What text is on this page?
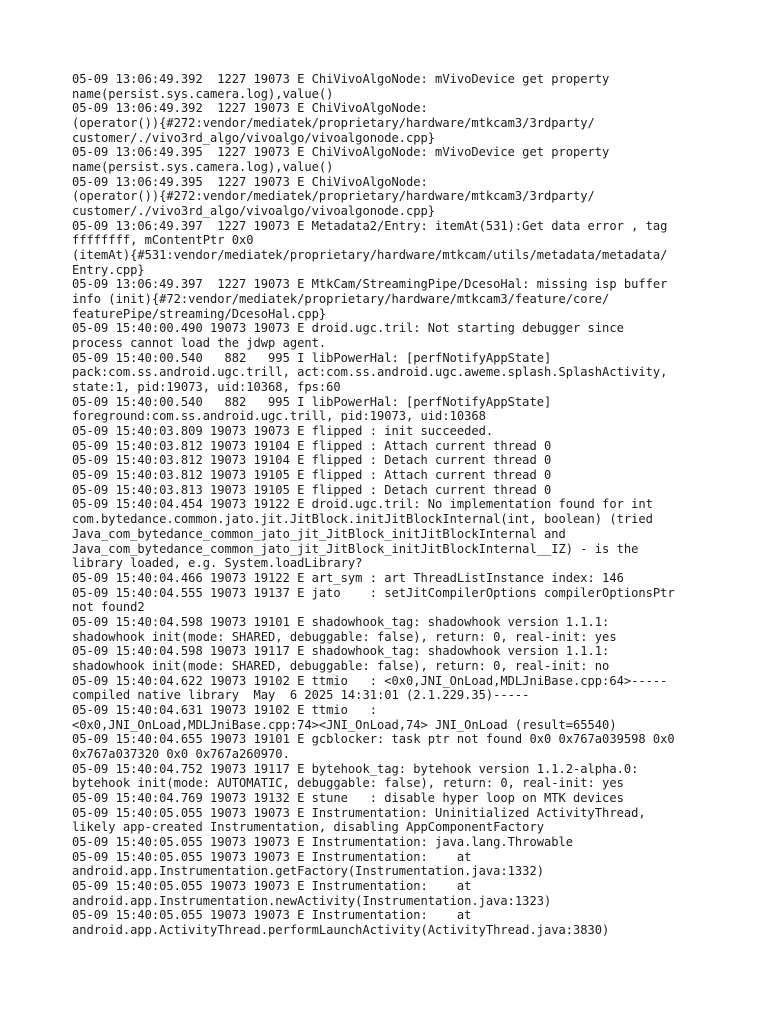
05-09 13:06:49.392  1227 19073 E ChiVivoAlgoNode: mVivoDevice get property
name(persist.sys.camera.log),value()
05-09 13:06:49.392  1227 19073 E ChiVivoAlgoNode:
(operator()){#272:vendor/mediatek/proprietary/hardware/mtkcam3/3rdparty/
customer/./vivo3rd_algo/vivoalgo/vivoalgonode.cpp}
05-09 13:06:49.395  1227 19073 E ChiVivoAlgoNode: mVivoDevice get property
name(persist.sys.camera.log),value()
05-09 13:06:49.395  1227 19073 E ChiVivoAlgoNode:
(operator()){#272:vendor/mediatek/proprietary/hardware/mtkcam3/3rdparty/
customer/./vivo3rd_algo/vivoalgo/vivoalgonode.cpp}
05-09 13:06:49.397  1227 19073 E Metadata2/Entry: itemAt(531):Get data error , tag
ffffffff, mContentPtr 0x0
(itemAt){#531:vendor/mediatek/proprietary/hardware/mtkcam/utils/metadata/metadata/
Entry.cpp}
05-09 13:06:49.397  1227 19073 E MtkCam/StreamingPipe/DcesoHal: missing isp buffer
info (init){#72:vendor/mediatek/proprietary/hardware/mtkcam3/feature/core/
featurePipe/streaming/DcesoHal.cpp}
05-09 15:40:00.490 19073 19073 E droid.ugc.tril: Not starting debugger since
process cannot load the jdwp agent.
05-09 15:40:00.540   882   995 I libPowerHal: [perfNotifyAppState]
pack:com.ss.android.ugc.trill, act:com.ss.android.ugc.aweme.splash.SplashActivity,
state:1, pid:19073, uid:10368, fps:60
05-09 15:40:00.540   882   995 I libPowerHal: [perfNotifyAppState]
foreground:com.ss.android.ugc.trill, pid:19073, uid:10368
05-09 15:40:03.809 19073 19073 E flipped : init succeeded.
05-09 15:40:03.812 19073 19104 E flipped : Attach current thread 0
05-09 15:40:03.812 19073 19104 E flipped : Detach current thread 0
05-09 15:40:03.812 19073 19105 E flipped : Attach current thread 0
05-09 15:40:03.813 19073 19105 E flipped : Detach current thread 0
05-09 15:40:04.454 19073 19122 E droid.ugc.tril: No implementation found for int
com.bytedance.common.jato.jit.JitBlock.initJitBlockInternal(int, boolean) (tried
Java_com_bytedance_common_jato_jit_JitBlock_initJitBlockInternal and
Java_com_bytedance_common_jato_jit_JitBlock_initJitBlockInternal__IZ) - is the
library loaded, e.g. System.loadLibrary?
05-09 15:40:04.466 19073 19122 E art_sym : art ThreadListInstance index: 146
05-09 15:40:04.555 19073 19137 E jato    : setJitCompilerOptions compilerOptionsPtr
not found2
05-09 15:40:04.598 19073 19101 E shadowhook_tag: shadowhook version 1.1.1:
shadowhook init(mode: SHARED, debuggable: false), return: 0, real-init: yes
05-09 15:40:04.598 19073 19117 E shadowhook_tag: shadowhook version 1.1.1:
shadowhook init(mode: SHARED, debuggable: false), return: 0, real-init: no
05-09 15:40:04.622 19073 19102 E ttmio   : <0x0,JNI_OnLoad,MDLJniBase.cpp:64>-----
compiled native library  May  6 2025 14:31:01 (2.1.229.35)-----
05-09 15:40:04.631 19073 19102 E ttmio   :
<0x0,JNI_OnLoad,MDLJniBase.cpp:74><JNI_OnLoad,74> JNI_OnLoad (result=65540)
05-09 15:40:04.655 19073 19101 E gcblocker: task ptr not found 0x0 0x767a039598 0x0
0x767a037320 0x0 0x767a260970.
05-09 15:40:04.752 19073 19117 E bytehook_tag: bytehook version 1.1.2-alpha.0:
bytehook init(mode: AUTOMATIC, debuggable: false), return: 0, real-init: yes
05-09 15:40:04.769 19073 19132 E stune   : disable hyper loop on MTK devices
05-09 15:40:05.055 19073 19073 E Instrumentation: Uninitialized ActivityThread,
likely app-created Instrumentation, disabling AppComponentFactory
05-09 15:40:05.055 19073 19073 E Instrumentation: java.lang.Throwable
05-09 15:40:05.055 19073 19073 E Instrumentation:    at
android.app.Instrumentation.getFactory(Instrumentation.java:1332)
05-09 15:40:05.055 19073 19073 E Instrumentation:    at
android.app.Instrumentation.newActivity(Instrumentation.java:1323)
05-09 15:40:05.055 19073 19073 E Instrumentation:    at
android.app.ActivityThread.performLaunchActivity(ActivityThread.java:3830)
